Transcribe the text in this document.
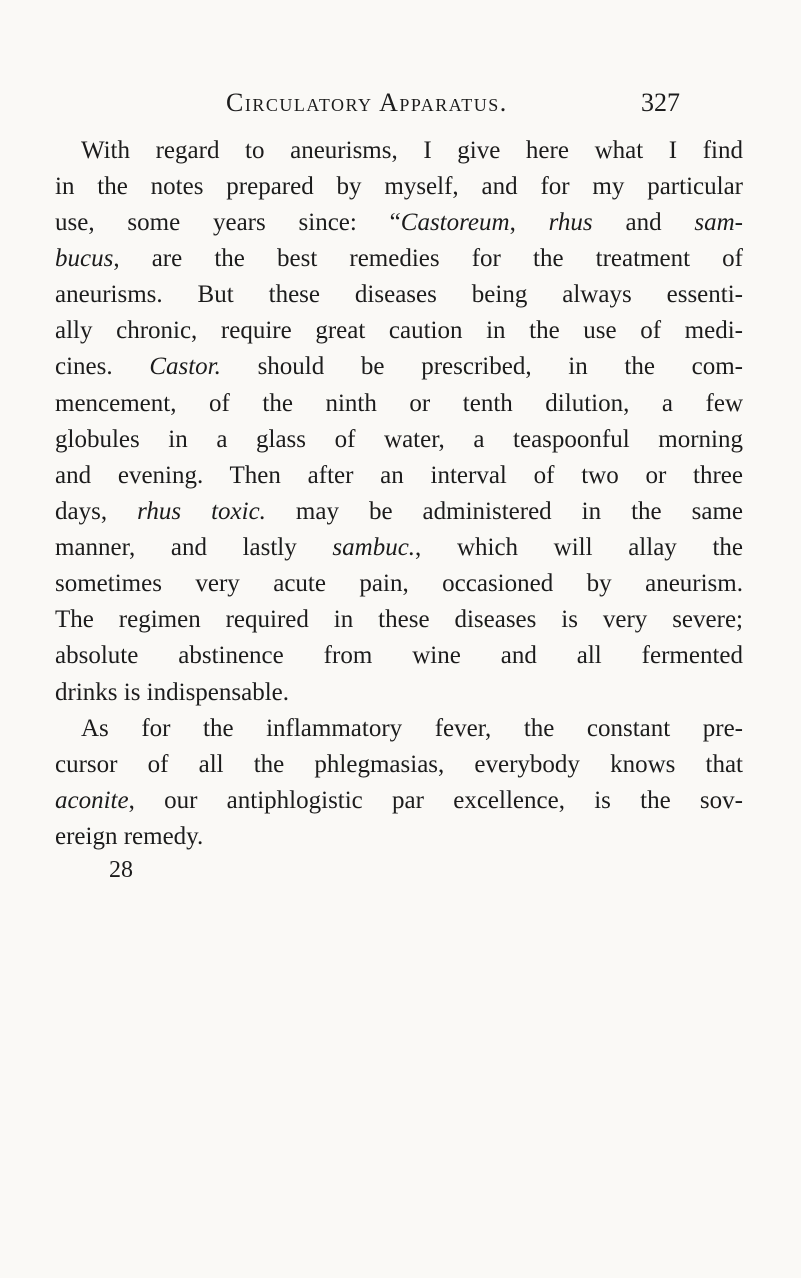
Circulatory Apparatus.	327
With regard to aneurisms, I give here what I find
in the notes prepared by myself, and for my particular
use, some years since: “Castoreum, rhus and sam-
bucus, are the best remedies for the treatment of
aneurisms. But these diseases being always essenti-
ally chronic, require great caution in the use of medi-
cines. Castor. should be prescribed, in the com-
mencement, of the ninth or tenth dilution, a few
globules in a glass of water, a teaspoonful morning
and evening. Then after an interval of two or three
days, rhus toxic. may be administered in the same
manner, and lastly sambuc., which will allay the
sometimes very acute pain, occasioned by aneurism.
The regimen required in these diseases is very severe;
absolute abstinence from wine and all fermented
drinks is indispensable.
As for the inflammatory fever, the constant pre-
cursor of all the phlegmasias, everybody knows that
aconite, our antiphlogistic par excellence, is the sov-
ereign remedy.
28
